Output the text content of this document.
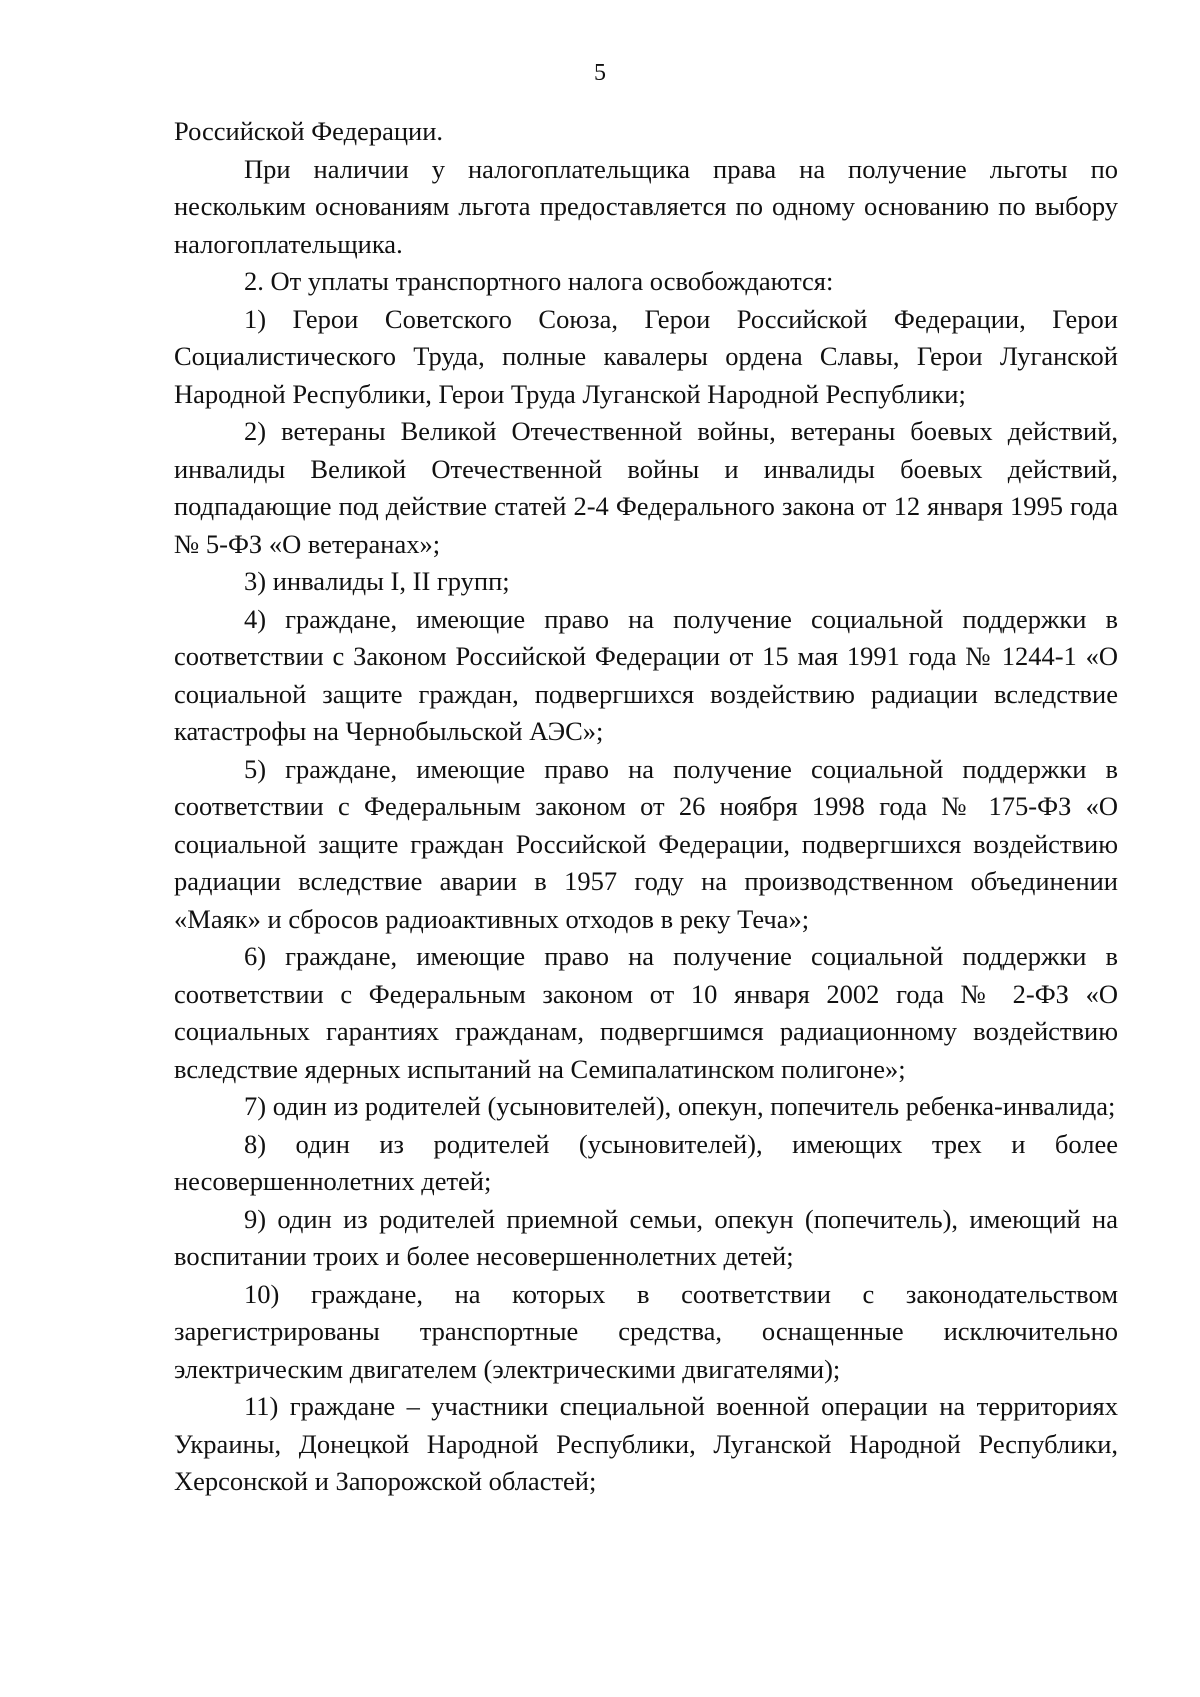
5

Российской Федерации.

При наличии у налогоплательщика права на получение льготы по нескольким основаниям льгота предоставляется по одному основанию по выбору налогоплательщика.

2. От уплаты транспортного налога освобождаются:

1) Герои Советского Союза, Герои Российской Федерации, Герои Социалистического Труда, полные кавалеры ордена Славы, Герои Луганской Народной Республики, Герои Труда Луганской Народной Республики;

2) ветераны Великой Отечественной войны, ветераны боевых действий, инвалиды Великой Отечественной войны и инвалиды боевых действий, подпадающие под действие статей 2-4 Федерального закона от 12 января 1995 года № 5-ФЗ «О ветеранах»;

3) инвалиды I, II групп;

4) граждане, имеющие право на получение социальной поддержки в соответствии с Законом Российской Федерации от 15 мая 1991 года № 1244-1 «О социальной защите граждан, подвергшихся воздействию радиации вследствие катастрофы на Чернобыльской АЭС»;

5) граждане, имеющие право на получение социальной поддержки в соответствии с Федеральным законом от 26 ноября 1998 года № 175-ФЗ «О социальной защите граждан Российской Федерации, подвергшихся воздействию радиации вследствие аварии в 1957 году на производственном объединении «Маяк» и сбросов радиоактивных отходов в реку Теча»;

6) граждане, имеющие право на получение социальной поддержки в соответствии с Федеральным законом от 10 января 2002 года № 2-ФЗ «О социальных гарантиях гражданам, подвергшимся радиационному воздействию вследствие ядерных испытаний на Семипалатинском полигоне»;

7) один из родителей (усыновителей), опекун, попечитель ребенка-инвалида;

8) один из родителей (усыновителей), имеющих трех и более несовершеннолетних детей;

9) один из родителей приемной семьи, опекун (попечитель), имеющий на воспитании троих и более несовершеннолетних детей;

10) граждане, на которых в соответствии с законодательством зарегистрированы транспортные средства, оснащенные исключительно электрическим двигателем (электрическими двигателями);

11) граждане – участники специальной военной операции на территориях Украины, Донецкой Народной Республики, Луганской Народной Республики, Херсонской и Запорожской областей;
